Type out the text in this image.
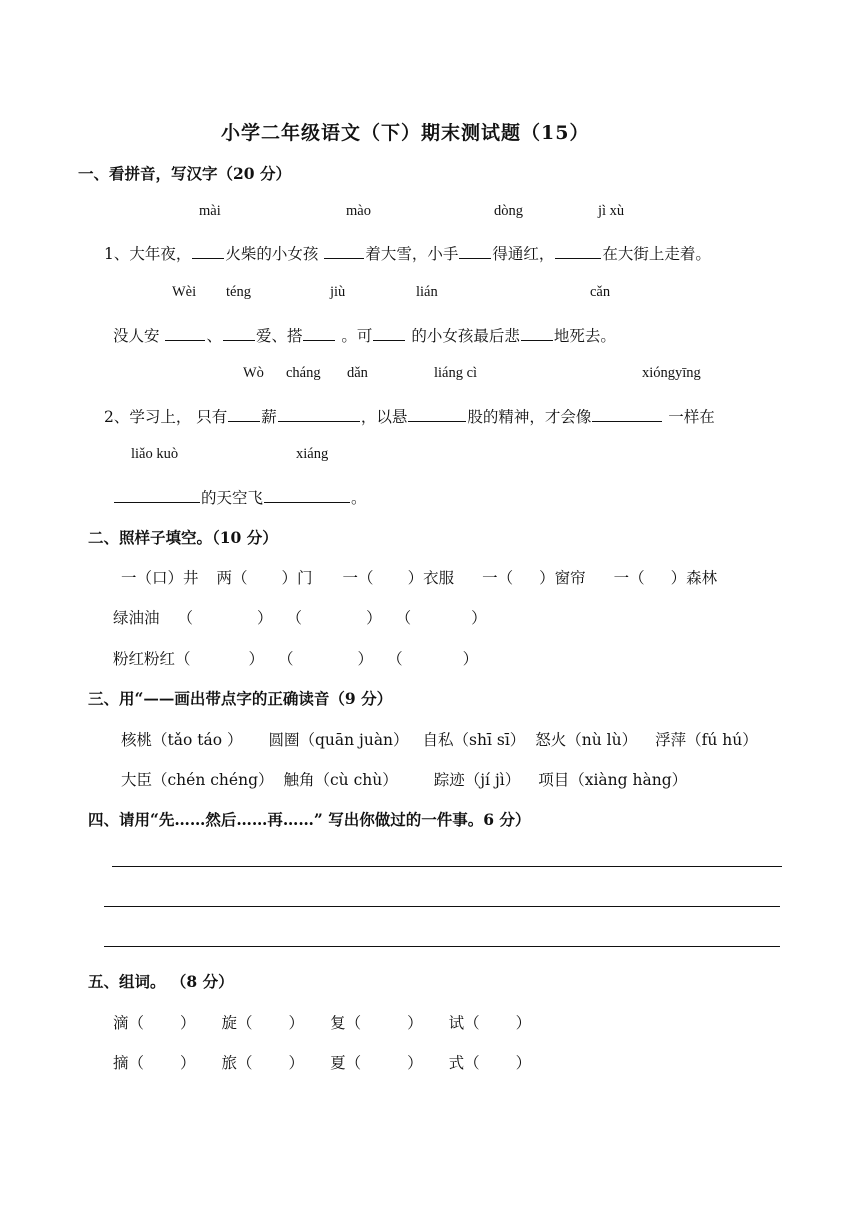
小学二年级语文（下）期末测试题（15）
一、看拼音，写汉字（20 分）
mài	mào	dòng	jì xù
1、大年夜， 火柴的小女孩	着大雪，小手 得通红，	在大街上走着。
Wèi téng	jiù	lián	cǎn
没人安	、 爱、搭 。可 的小女孩最后悲 地死去。
Wò cháng dǎn	liáng cì	xióngyīng
2、学习上， 只有 薪	，以悬	股的精神，才会像	一样在
liǎo kuò	xiáng
的天空飞	。
二、照样子填空。（10 分）
一（口）井 两（ ）门 一（ ）衣服 一（ ）窗帘 一（ ）森林
绿油油 （	） （	） （	）
粉红粉红（	） （	） （	）
三、用“——画出带点字的正确读音（9 分）
核桃（tǎo táo ） 圆圈（quān juàn） 自私（shī sī） 怒火（nù lù） 浮萍（fú hú）
大臣（chén chéng） 触角（cù chù） 踪迹（jí jì） 项目（xiàng hàng）
四、请用“先……然后……再……” 写出你做过的一件事。6 分）
五、组词。 （8 分）
滴（ ） 旋（ ） 复（	） 试（ ）
摘（ ） 旅（ ） 夏（	） 式（ ）
